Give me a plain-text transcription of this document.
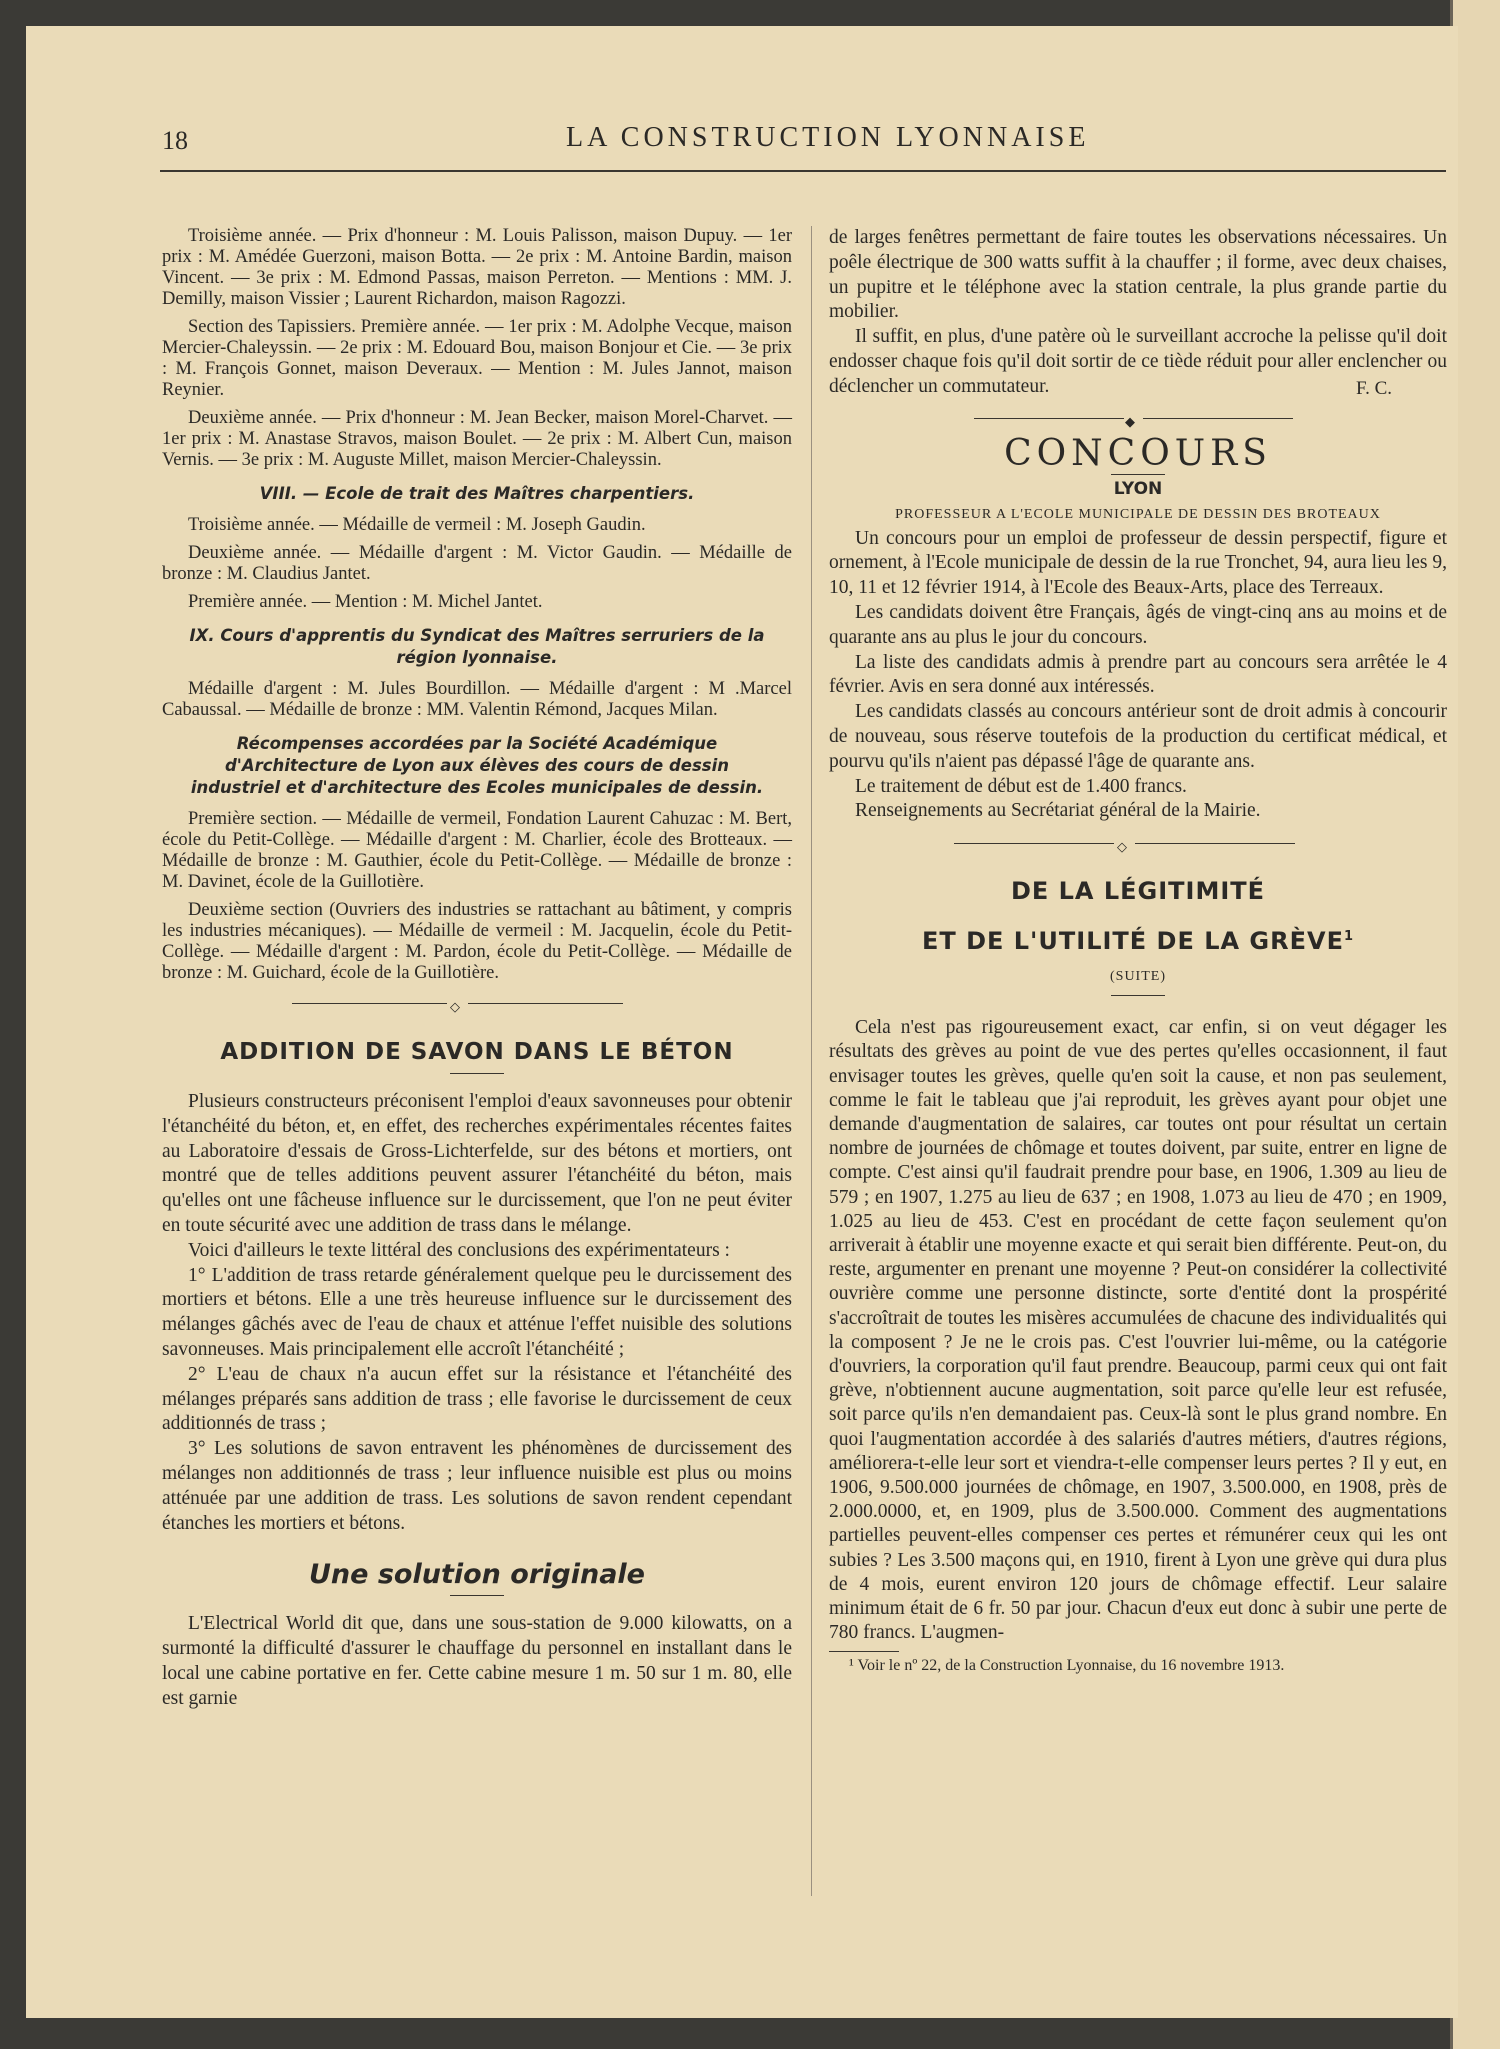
18	LA CONSTRUCTION LYONNAISE

Troisième année. — Prix d'honneur : M. Louis Palisson, maison Dupuy. — 1er prix : M. Amédée Guerzoni, maison Botta. — 2e prix : M. Antoine Bardin, maison Vincent. — 3e prix : M. Edmond Passas, maison Perreton. — Mentions : MM. J. Demilly, maison Vissier ; Laurent Richardon, maison Ragozzi.

Section des Tapissiers. Première année. — 1er prix : M. Adolphe Vecque, maison Mercier-Chaleyssin. — 2e prix : M. Edouard Bou, maison Bonjour et Cie. — 3e prix : M. François Gonnet, maison Deveraux. — Mention : M. Jules Jannot, maison Reynier.

Deuxième année. — Prix d'honneur : M. Jean Becker, maison Morel-Charvet. — 1er prix : M. Anastase Stravos, maison Boulet. — 2e prix : M. Albert Cun, maison Vernis. — 3e prix : M. Auguste Millet, maison Mercier-Chaleyssin.

VIII. — Ecole de trait des Maîtres charpentiers.

Troisième année. — Médaille de vermeil : M. Joseph Gaudin.

Deuxième année. — Médaille d'argent : M. Victor Gaudin. — Médaille de bronze : M. Claudius Jantet.

Première année. — Mention : M. Michel Jantet.

IX. Cours d'apprentis du Syndicat des Maîtres serruriers de la région lyonnaise.

Médaille d'argent : M. Jules Bourdillon. — Médaille d'argent : M .Marcel Cabaussal. — Médaille de bronze : MM. Valentin Rémond, Jacques Milan.

Récompenses accordées par la Société Académique d'Architecture de Lyon aux élèves des cours de dessin industriel et d'architecture des Ecoles municipales de dessin.

Première section. — Médaille de vermeil, Fondation Laurent Cahuzac : M. Bert, école du Petit-Collège. — Médaille d'argent : M. Charlier, école des Brotteaux. — Médaille de bronze : M. Gauthier, école du Petit-Collège. — Médaille de bronze : M. Davinet, école de la Guillotière.

Deuxième section (Ouvriers des industries se rattachant au bâtiment, y compris les industries mécaniques). — Médaille de vermeil : M. Jacquelin, école du Petit-Collège. — Médaille d'argent : M. Pardon, école du Petit-Collège. — Médaille de bronze : M. Guichard, école de la Guillotière.

◇
ADDITION DE SAVON DANS LE BÉTON

Plusieurs constructeurs préconisent l'emploi d'eaux savonneuses pour obtenir l'étanchéité du béton, et, en effet, des recherches expérimentales récentes faites au Laboratoire d'essais de Gross-Lichterfelde, sur des bétons et mortiers, ont montré que de telles additions peuvent assurer l'étanchéité du béton, mais qu'elles ont une fâcheuse influence sur le durcissement, que l'on ne peut éviter en toute sécurité avec une addition de trass dans le mélange.

Voici d'ailleurs le texte littéral des conclusions des expérimentateurs :

1° L'addition de trass retarde généralement quelque peu le durcissement des mortiers et bétons. Elle a une très heureuse influence sur le durcissement des mélanges gâchés avec de l'eau de chaux et atténue l'effet nuisible des solutions savonneuses. Mais principalement elle accroît l'étanchéité ;

2° L'eau de chaux n'a aucun effet sur la résistance et l'étanchéité des mélanges préparés sans addition de trass ; elle favorise le durcissement de ceux additionnés de trass ;

3° Les solutions de savon entravent les phénomènes de durcissement des mélanges non additionnés de trass ; leur influence nuisible est plus ou moins atténuée par une addition de trass. Les solutions de savon rendent cependant étanches les mortiers et bétons.

Une solution originale

L'Electrical World dit que, dans une sous-station de 9.000 kilowatts, on a surmonté la difficulté d'assurer le chauffage du personnel en installant dans le local une cabine portative en fer. Cette cabine mesure 1 m. 50 sur 1 m. 80, elle est garnie

de larges fenêtres permettant de faire toutes les observations nécessaires. Un poêle électrique de 300 watts suffit à la chauffer ; il forme, avec deux chaises, un pupitre et le téléphone avec la station centrale, la plus grande partie du mobilier.

Il suffit, en plus, d'une patère où le surveillant accroche la pelisse qu'il doit endosser chaque fois qu'il doit sortir de ce tiède réduit pour aller enclencher ou déclencher un commutateur.	F. C.
◆
CONCOURS
LYON
PROFESSEUR A L'ECOLE MUNICIPALE DE DESSIN DES BROTEAUX

Un concours pour un emploi de professeur de dessin perspectif, figure et ornement, à l'Ecole municipale de dessin de la rue Tronchet, 94, aura lieu les 9, 10, 11 et 12 février 1914, à l'Ecole des Beaux-Arts, place des Terreaux.

Les candidats doivent être Français, âgés de vingt-cinq ans au moins et de quarante ans au plus le jour du concours.

La liste des candidats admis à prendre part au concours sera arrêtée le 4 février. Avis en sera donné aux intéressés.

Les candidats classés au concours antérieur sont de droit admis à concourir de nouveau, sous réserve toutefois de la production du certificat médical, et pourvu qu'ils n'aient pas dépassé l'âge de quarante ans.

Le traitement de début est de 1.400 francs.

Renseignements au Secrétariat général de la Mairie.

◇
DE LA LÉGITIMITÉ
ET DE L'UTILITÉ DE LA GRÈVE$^1$
(SUITE)

Cela n'est pas rigoureusement exact, car enfin, si on veut dégager les résultats des grèves au point de vue des pertes qu'elles occasionnent, il faut envisager toutes les grèves, quelle qu'en soit la cause, et non pas seulement, comme le fait le tableau que j'ai reproduit, les grèves ayant pour objet une demande d'augmentation de salaires, car toutes ont pour résultat un certain nombre de journées de chômage et toutes doivent, par suite, entrer en ligne de compte. C'est ainsi qu'il faudrait prendre pour base, en 1906, 1.309 au lieu de 579 ; en 1907, 1.275 au lieu de 637 ; en 1908, 1.073 au lieu de 470 ; en 1909, 1.025 au lieu de 453. C'est en procédant de cette façon seulement qu'on arriverait à établir une moyenne exacte et qui serait bien différente. Peut-on, du reste, argumenter en prenant une moyenne ? Peut-on considérer la collectivité ouvrière comme une personne distincte, sorte d'entité dont la prospérité s'accroîtrait de toutes les misères accumulées de chacune des individualités qui la composent ? Je ne le crois pas. C'est l'ouvrier lui-même, ou la catégorie d'ouvriers, la corporation qu'il faut prendre. Beaucoup, parmi ceux qui ont fait grève, n'obtiennent aucune augmentation, soit parce qu'elle leur est refusée, soit parce qu'ils n'en demandaient pas. Ceux-là sont le plus grand nombre. En quoi l'augmentation accordée à des salariés d'autres métiers, d'autres régions, améliorera-t-elle leur sort et viendra-t-elle compenser leurs pertes ? Il y eut, en 1906, 9.500.000 journées de chômage, en 1907, 3.500.000, en 1908, près de 2.000.0000, et, en 1909, plus de 3.500.000. Comment des augmentations partielles peuvent-elles compenser ces pertes et rémunérer ceux qui les ont subies ? Les 3.500 maçons qui, en 1910, firent à Lyon une grève qui dura plus de 4 mois, eurent environ 120 jours de chômage effectif. Leur salaire minimum était de 6 fr. 50 par jour. Chacun d'eux eut donc à subir une perte de 780 francs. L'augmen-

¹ Voir le nº 22, de la Construction Lyonnaise, du 16 novembre 1913.
